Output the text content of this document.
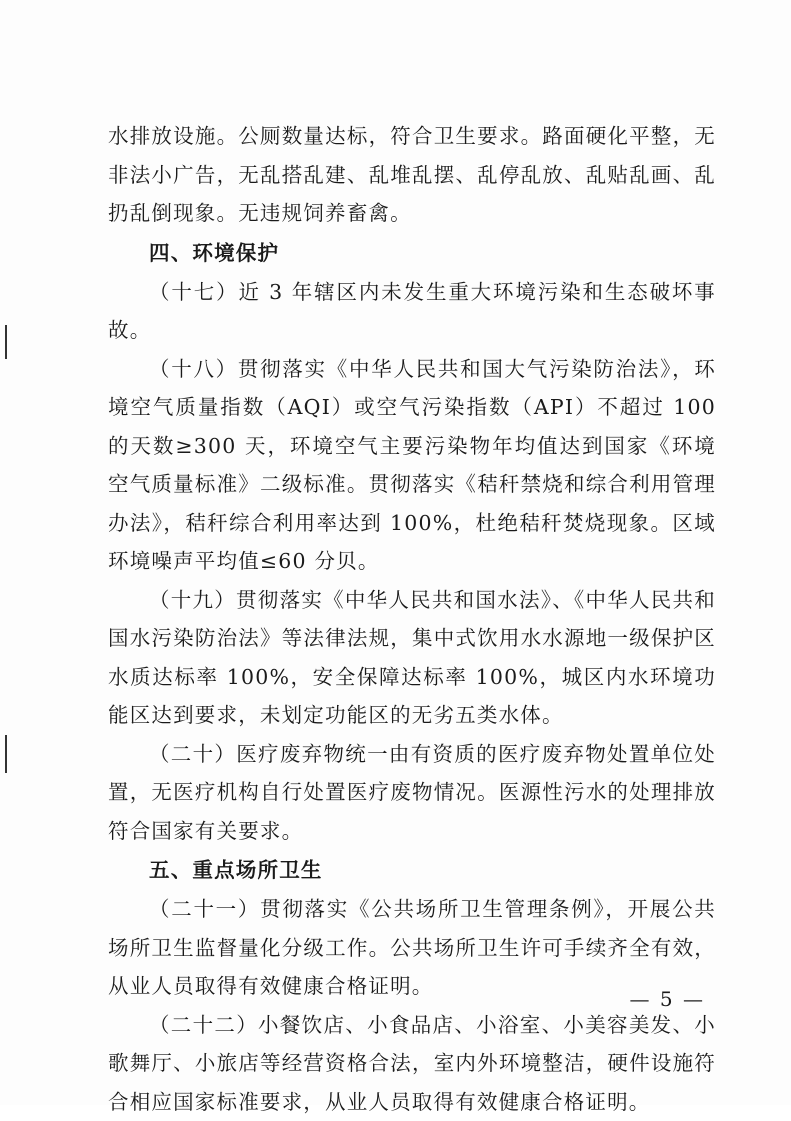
水排放设施。公厕数量达标，符合卫生要求。路面硬化平整，无非法小广告，无乱搭乱建、乱堆乱摆、乱停乱放、乱贴乱画、乱扔乱倒现象。无违规饲养畜禽。

四、环境保护

（十七）近 3 年辖区内未发生重大环境污染和生态破坏事故。

（十八）贯彻落实《中华人民共和国大气污染防治法》，环境空气质量指数（AQI）或空气污染指数（API）不超过 100 的天数≥300 天，环境空气主要污染物年均值达到国家《环境空气质量标准》二级标准。贯彻落实《秸秆禁烧和综合利用管理办法》，秸秆综合利用率达到 100%，杜绝秸秆焚烧现象。区域环境噪声平均值≤60 分贝。

（十九）贯彻落实《中华人民共和国水法》、《中华人民共和国水污染防治法》等法律法规，集中式饮用水水源地一级保护区水质达标率 100%，安全保障达标率 100%，城区内水环境功能区达到要求，未划定功能区的无劣五类水体。

（二十）医疗废弃物统一由有资质的医疗废弃物处置单位处置，无医疗机构自行处置医疗废物情况。医源性污水的处理排放符合国家有关要求。

五、重点场所卫生

（二十一）贯彻落实《公共场所卫生管理条例》，开展公共场所卫生监督量化分级工作。公共场所卫生许可手续齐全有效，从业人员取得有效健康合格证明。

（二十二）小餐饮店、小食品店、小浴室、小美容美发、小歌舞厅、小旅店等经营资格合法，室内外环境整洁，硬件设施符合相应国家标准要求，从业人员取得有效健康合格证明。

— 5 —
